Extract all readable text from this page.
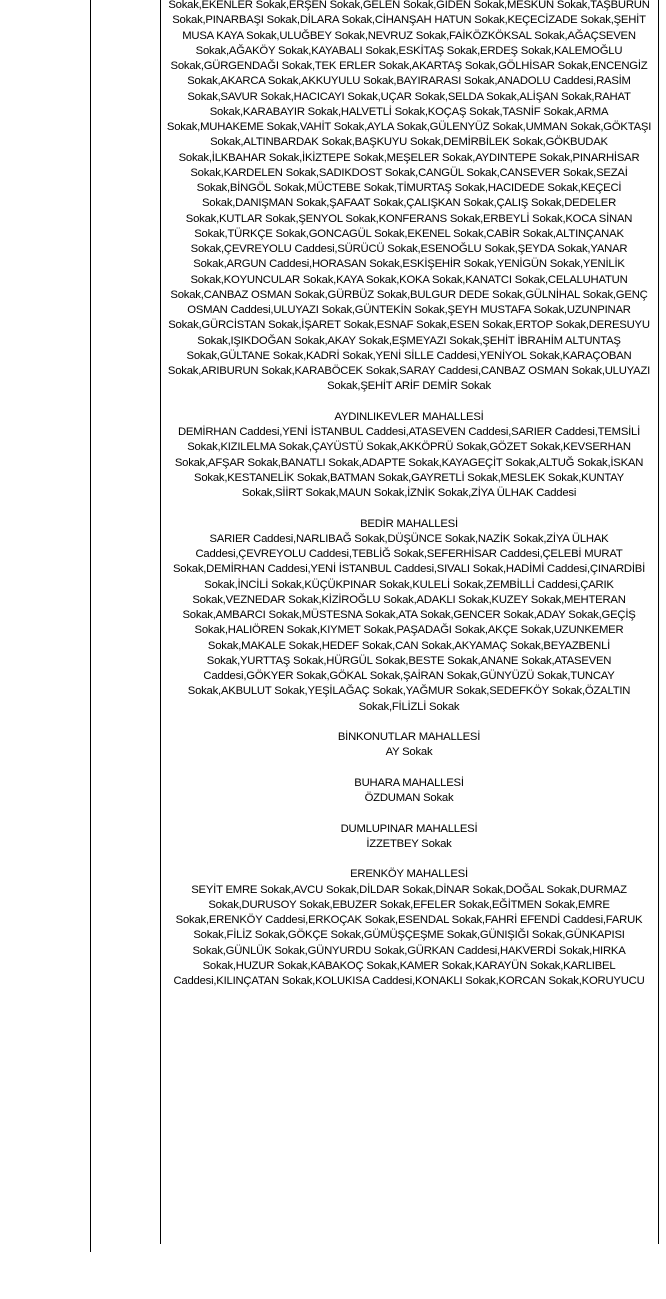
Sokak,EKENLER Sokak,ERŞEN Sokak,GELEN Sokak,GİDEN Sokak,MESKUN Sokak,TAŞBURUN Sokak,PINARBAŞI Sokak,DİLARA Sokak,CİHANŞAH HATUN Sokak,KEÇECİZADE Sokak,ŞEHİT MUSA KAYA Sokak,ULUĞBEY Sokak,NEVRUZ Sokak,FAİKÖZKÖKSAL Sokak,AĞAÇSEVEN Sokak,AĞAKÖY Sokak,KAYABALI Sokak,ESKİTAŞ Sokak,ERDEŞ Sokak,KALEMOĞLU Sokak,GÜRGENDAĞI Sokak,TEK ERLER Sokak,AKARTAŞ Sokak,GÖLHİSAR Sokak,ENCENGİZ Sokak,AKARCA Sokak,AKKUYULU Sokak,BAYIRARASI Sokak,ANADOLU Caddesi,RASİM Sokak,SAVUR Sokak,HACICAYI Sokak,UÇAR Sokak,SELDA Sokak,ALİŞAN Sokak,RAHAT Sokak,KARABAYIR Sokak,HALVETLİ Sokak,KOÇAŞ Sokak,TASNİF Sokak,ARMA Sokak,MUHAKEME Sokak,VAHİT Sokak,AYLA Sokak,GÜLENYÜZ Sokak,UMMAN Sokak,GÖKTAŞI Sokak,ALTINBARDAK Sokak,BAŞKUYU Sokak,DEMİRBİLEK Sokak,GÖKBUDAK Sokak,İLKBAHAR Sokak,İKİZTEPE Sokak,MEŞELER Sokak,AYDINTEPE Sokak,PINARHİSAR Sokak,KARDELEN Sokak,SADIKDOST Sokak,CANGÜL Sokak,CANSEVER Sokak,SEZAİ Sokak,BİNGÖL Sokak,MÜCTEBE Sokak,TİMURTAŞ Sokak,HACIDEDE Sokak,KEÇECİ Sokak,DANIŞMAN Sokak,ŞAFAAT Sokak,ÇALIŞKAN Sokak,ÇALIŞ Sokak,DEDELER Sokak,KUTLAR Sokak,ŞENYOL Sokak,KONFERANS Sokak,ERBEYLİ Sokak,KOCA SİNAN Sokak,TÜRKÇE Sokak,GONCAGÜL Sokak,EKENEL Sokak,CABİR Sokak,ALTINÇANAK Sokak,ÇEVREYOLU Caddesi,SÜRÜCÜ Sokak,ESENOĞLU Sokak,ŞEYDA Sokak,YANAR Sokak,ARGUN Caddesi,HORASAN Sokak,ESKİŞEHİR Sokak,YENİGÜN Sokak,YENİLİK Sokak,KOYUNCULAR Sokak,KAYA Sokak,KOKA Sokak,KANATCI Sokak,CELALUHATUN Sokak,CANBAZ OSMAN Sokak,GÜRBÜZ Sokak,BULGUR DEDE Sokak,GÜLNİHAL Sokak,GENÇ OSMAN Caddesi,ULUYAZI Sokak,GÜNTEKİN Sokak,ŞEYH MUSTAFA Sokak,UZUNPINAR Sokak,GÜRCİSTAN Sokak,İŞARET Sokak,ESNAF Sokak,ESEN Sokak,ERTOP Sokak,DERESUYU Sokak,IŞIKDOĞAN Sokak,AKAY Sokak,EŞMEYAZI Sokak,ŞEHİT İBRAHİM ALTUNTAŞ Sokak,GÜLTANE Sokak,KADRİ Sokak,YENİ SİLLE Caddesi,YENİYOL Sokak,KARAÇOBAN Sokak,ARIBURUN Sokak,KARABÖCEK Sokak,SARAY Caddesi,CANBAZ OSMAN Sokak,ULUYAZI Sokak,ŞEHİT ARİF DEMİR Sokak

AYDINLIKEVLER MAHALLESİ

DEMİRHAN Caddesi,YENİ İSTANBUL Caddesi,ATASEVEN Caddesi,SARIER Caddesi,TEMSİLİ Sokak,KIZILELMA Sokak,ÇAYÜSTÜ Sokak,AKKÖPRÜ Sokak,GÖZET Sokak,KEVSERHAN Sokak,AFŞAR Sokak,BANATLI Sokak,ADAPTE Sokak,KAYAGEÇİT Sokak,ALTUĞ Sokak,İSKAN Sokak,KESTANELİK Sokak,BATMAN Sokak,GAYRETLİ Sokak,MESLEK Sokak,KUNTAY Sokak,SİİRT Sokak,MAUN Sokak,İZNİK Sokak,ZİYA ÜLHAK Caddesi

BEDİR MAHALLESİ

SARIER Caddesi,NARLIBAĞ Sokak,DÜŞÜNCE Sokak,NAZİK Sokak,ZİYA ÜLHAK Caddesi,ÇEVREYOLU Caddesi,TEBLİĞ Sokak,SEFERHİSAR Caddesi,ÇELEBİ MURAT Sokak,DEMİRHAN Caddesi,YENİ İSTANBUL Caddesi,SIVALI Sokak,HADİMİ Caddesi,ÇINARDİBİ Sokak,İNCİLİ Sokak,KÜÇÜKPINAR Sokak,KULELİ Sokak,ZEMBİLLİ Caddesi,ÇARIK Sokak,VEZNEDAR Sokak,KİZİROĞLU Sokak,ADAKLI Sokak,KUZEY Sokak,MEHTERAN Sokak,AMBARCI Sokak,MÜSTESNA Sokak,ATA Sokak,GENCER Sokak,ADAY Sokak,GEÇİŞ Sokak,HALIÖREN Sokak,KIYMET Sokak,PAŞADAĞI Sokak,AKÇE Sokak,UZUNKEMER Sokak,MAKALE Sokak,HEDEF Sokak,CAN Sokak,AKYAMAÇ Sokak,BEYAZBENLİ Sokak,YURTTAŞ Sokak,HÜRGÜL Sokak,BESTE Sokak,ANANE Sokak,ATASEVEN Caddesi,GÖKYER Sokak,GÖKAL Sokak,ŞAİRAN Sokak,GÜNYÜZÜ Sokak,TUNCAY Sokak,AKBULUT Sokak,YEŞİLAĞAÇ Sokak,YAĞMUR Sokak,SEDEFKÖY Sokak,ÖZALTIN Sokak,FİLİZLİ Sokak

BİNKONUTLAR MAHALLESİ

AY Sokak

BUHARA MAHALLESİ

ÖZDUMAN Sokak

DUMLUPINAR MAHALLESİ

İZZETBEY Sokak

ERENKÖY MAHALLESİ

SEYİT EMRE Sokak,AVCU Sokak,DİLDAR Sokak,DİNAR Sokak,DOĞAL Sokak,DURMAZ Sokak,DURUSOY Sokak,EBUZER Sokak,EFELER Sokak,EĞİTMEN Sokak,EMRE Sokak,ERENKÖY Caddesi,ERKOÇAK Sokak,ESENDAL Sokak,FAHRİ EFENDİ Caddesi,FARUK Sokak,FİLİZ Sokak,GÖKÇE Sokak,GÜMÜŞÇEŞME Sokak,GÜNIŞIĞI Sokak,GÜNKAPISI Sokak,GÜNLÜK Sokak,GÜNYURDU Sokak,GÜRKAN Caddesi,HAKVERDİ Sokak,HIRKA Sokak,HUZUR Sokak,KABAKOÇ Sokak,KAMER Sokak,KARAYÜN Sokak,KARLIBEL Caddesi,KILINÇATAN Sokak,KOLUKISA Caddesi,KONAKLI Sokak,KORCAN Sokak,KORUYUCU
